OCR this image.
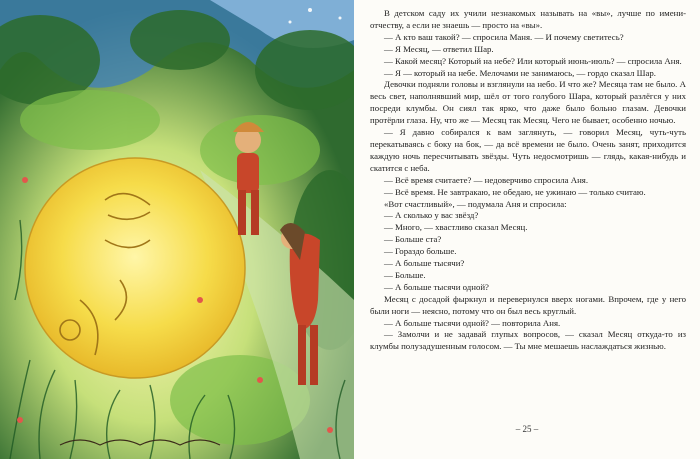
В детском саду их учили незнакомых называть на «вы», лучше по имени-отчеству, а если не знаешь — просто на «вы».

— А кто ваш такой? — спросила Маня. — И почему светитесь?

— Я Месяц, — ответил Шар.

— Какой месяц? Который на небе? Или который июнь-июль? — спросила Аня.

— Я — который на небе. Мелочами не занимаюсь, — гордо сказал Шар.

Девочки подняли головы и взглянули на небо. И что же? Месяца там не было. А весь свет, наполнявший мир, шёл от того голубого Шара, который разлёгся у них посреди клумбы. Он сиял так ярко, что даже было больно глазам. Девочки протёрли глаза. Ну, что же — Месяц так Месяц. Чего не бывает, особенно ночью.

— Я давно собирался к вам заглянуть, — говорил Месяц, чуть-чуть перекатываясь с боку на бок, — да всё времени не было. Очень занят, приходится каждую ночь пересчитывать звёзды. Чуть недосмотришь — глядь, какая-нибудь и скатится с неба.

— Всё время считаете? — недоверчиво спросила Аня.

— Всё время. Не завтракаю, не обедаю, не ужинаю — только считаю.

«Вот счастливый», — подумала Аня и спросила:

— А сколько у вас звёзд?

— Много, — хвастливо сказал Месяц.

— Больше ста?

— Гораздо больше.

— А больше тысячи?

— Больше.

— А больше тысячи одной?

Месяц с досадой фыркнул и перевернулся вверх ногами. Впрочем, где у него были ноги — неясно, потому что он был весь круглый.

— А больше тысячи одной? — повторила Аня.

— Замолчи и не задавай глупых вопросов, — сказал Месяц откуда-то из клумбы полузадушенным голосом. — Ты мне мешаешь наслаждаться жизнью.

– 25 –
